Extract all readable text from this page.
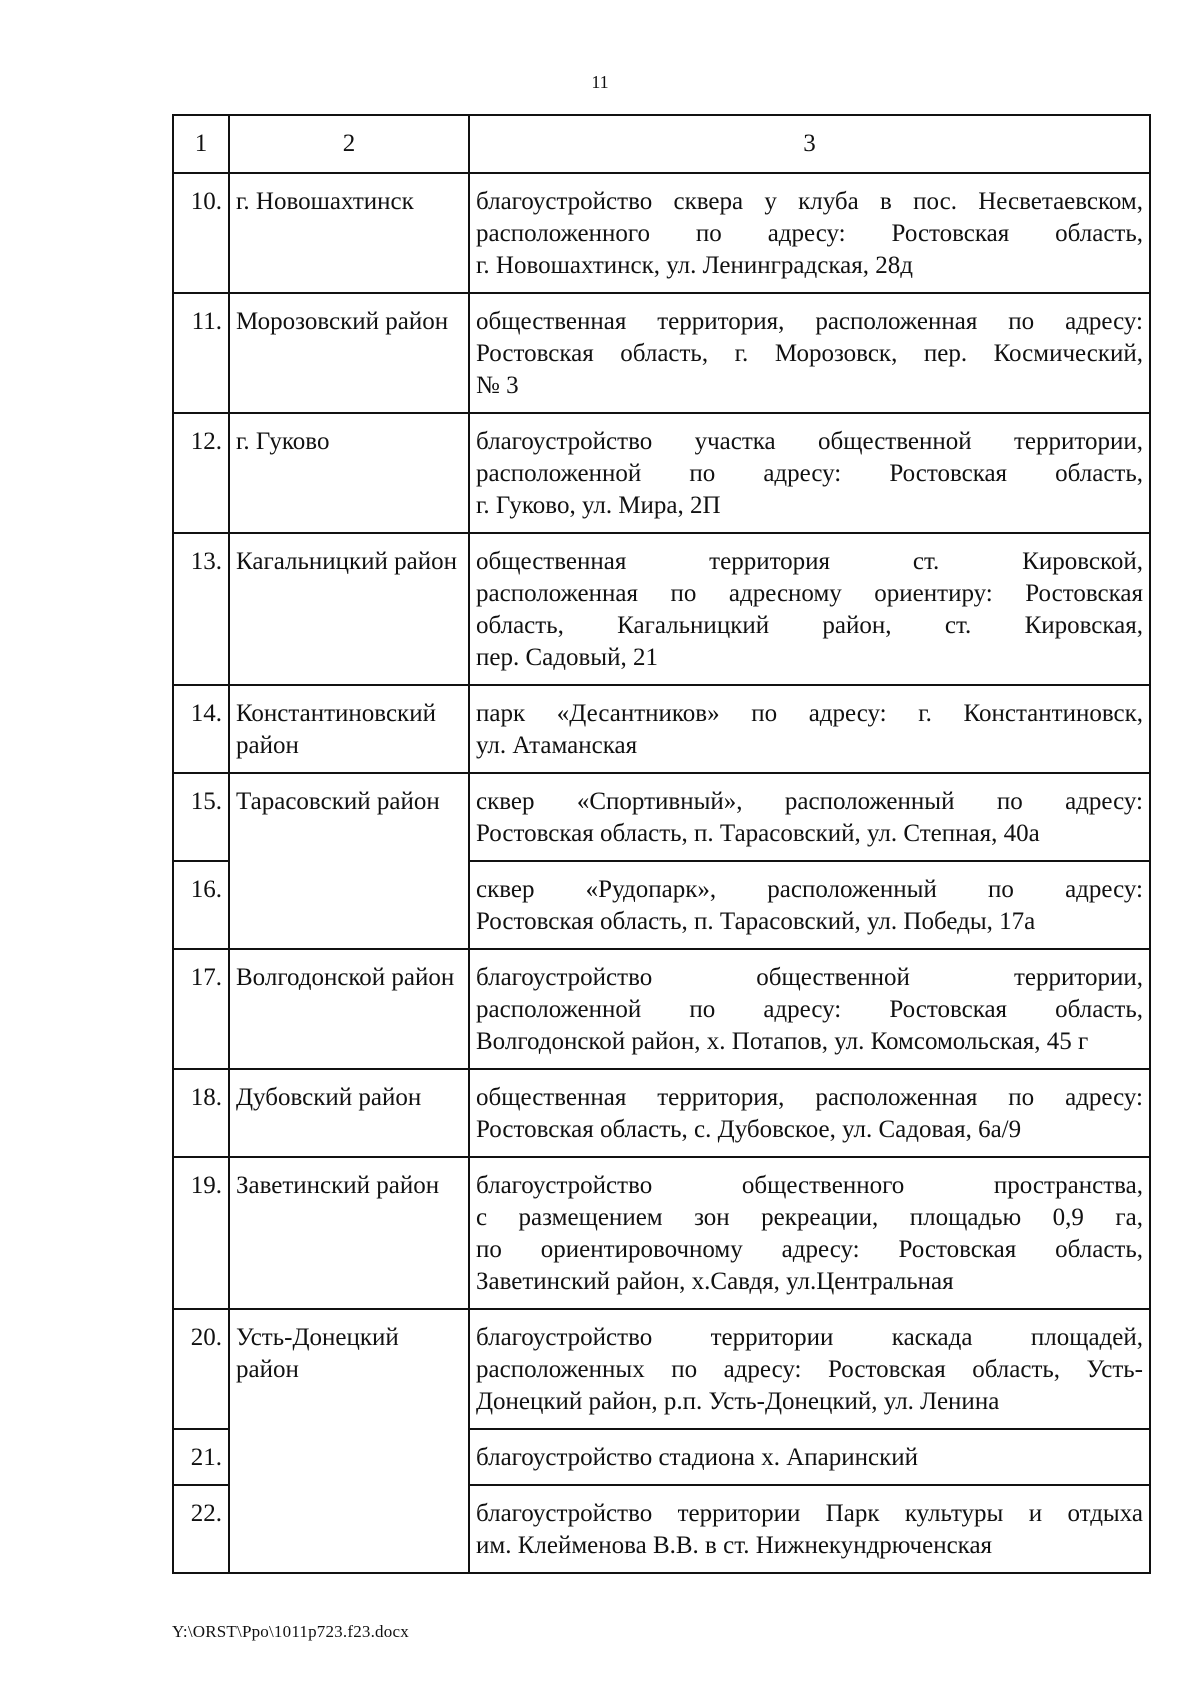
11
1	2	3
10.	г. Новошахтинск	благоустройство сквера у клуба в пос. Несветаевском,
расположенного по адресу: Ростовская область,
г. Новошахтинск, ул. Ленинградская, 28д

11.	Морозовский район	общественная территория, расположенная по адресу:
Ростовская область, г. Морозовск, пер. Космический,
№ 3

12.	г. Гуково	благоустройство участка общественной территории,
расположенной по адресу: Ростовская область,
г. Гуково, ул. Мира, 2П

13.	Кагальницкий район	общественная территория ст. Кировской,
расположенная по адресному ориентиру: Ростовская
область, Кагальницкий район, ст. Кировская,
пер. Садовый, 21

14.	Константиновский район	парк «Десантников» по адресу: г. Константиновск,
ул. Атаманская

15.	Тарасовский район	сквер «Спортивный», расположенный по адресу:
Ростовская область, п. Тарасовский, ул. Степная, 40а

16.		сквер «Рудопарк», расположенный по адресу:
Ростовская область, п. Тарасовский, ул. Победы, 17а

17.	Волгодонской район	благоустройство общественной территории,
расположенной по адресу: Ростовская область,
Волгодонской район, х. Потапов, ул. Комсомольская, 45 г

18.	Дубовский район	общественная территория, расположенная по адресу:
Ростовская область, с. Дубовское, ул. Садовая, 6а/9

19.	Заветинский район	благоустройство общественного пространства,
с размещением зон рекреации, площадью 0,9 га,
по ориентировочному адресу: Ростовская область,
Заветинский район, х.Савдя, ул.Центральная

20.	Усть-Донецкий район	благоустройство территории каскада площадей,
расположенных по адресу: Ростовская область, Усть-
Донецкий район, р.п. Усть-Донецкий, ул. Ленина

21.		благоустройство стадиона х. Апаринский

22.		благоустройство территории Парк культуры и отдыха
им. Клейменова В.В. в ст. Нижнекундрюченская
Y:\ORST\Ppo\1011p723.f23.docx
